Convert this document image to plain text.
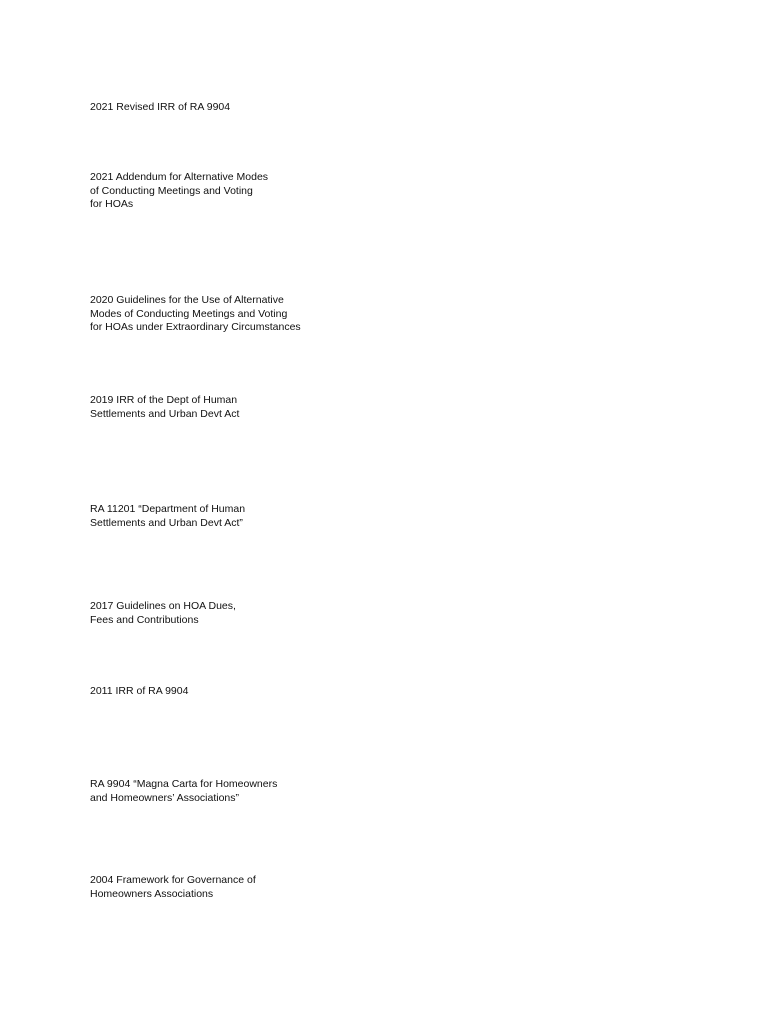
2021 Revised IRR of RA 9904

2021 Addendum for Alternative Modes
of Conducting Meetings and Voting
for HOAs

2020 Guidelines for the Use of Alternative
Modes of Conducting Meetings and Voting
for HOAs under Extraordinary Circumstances

2019 IRR of the Dept of Human
Settlements and Urban Devt Act

RA 11201 “Department of Human
Settlements and Urban Devt Act”

2017 Guidelines on HOA Dues,
Fees and Contributions

2011 IRR of RA 9904

RA 9904 “Magna Carta for Homeowners
and Homeowners’ Associations”

2004 Framework for Governance of
Homeowners Associations
